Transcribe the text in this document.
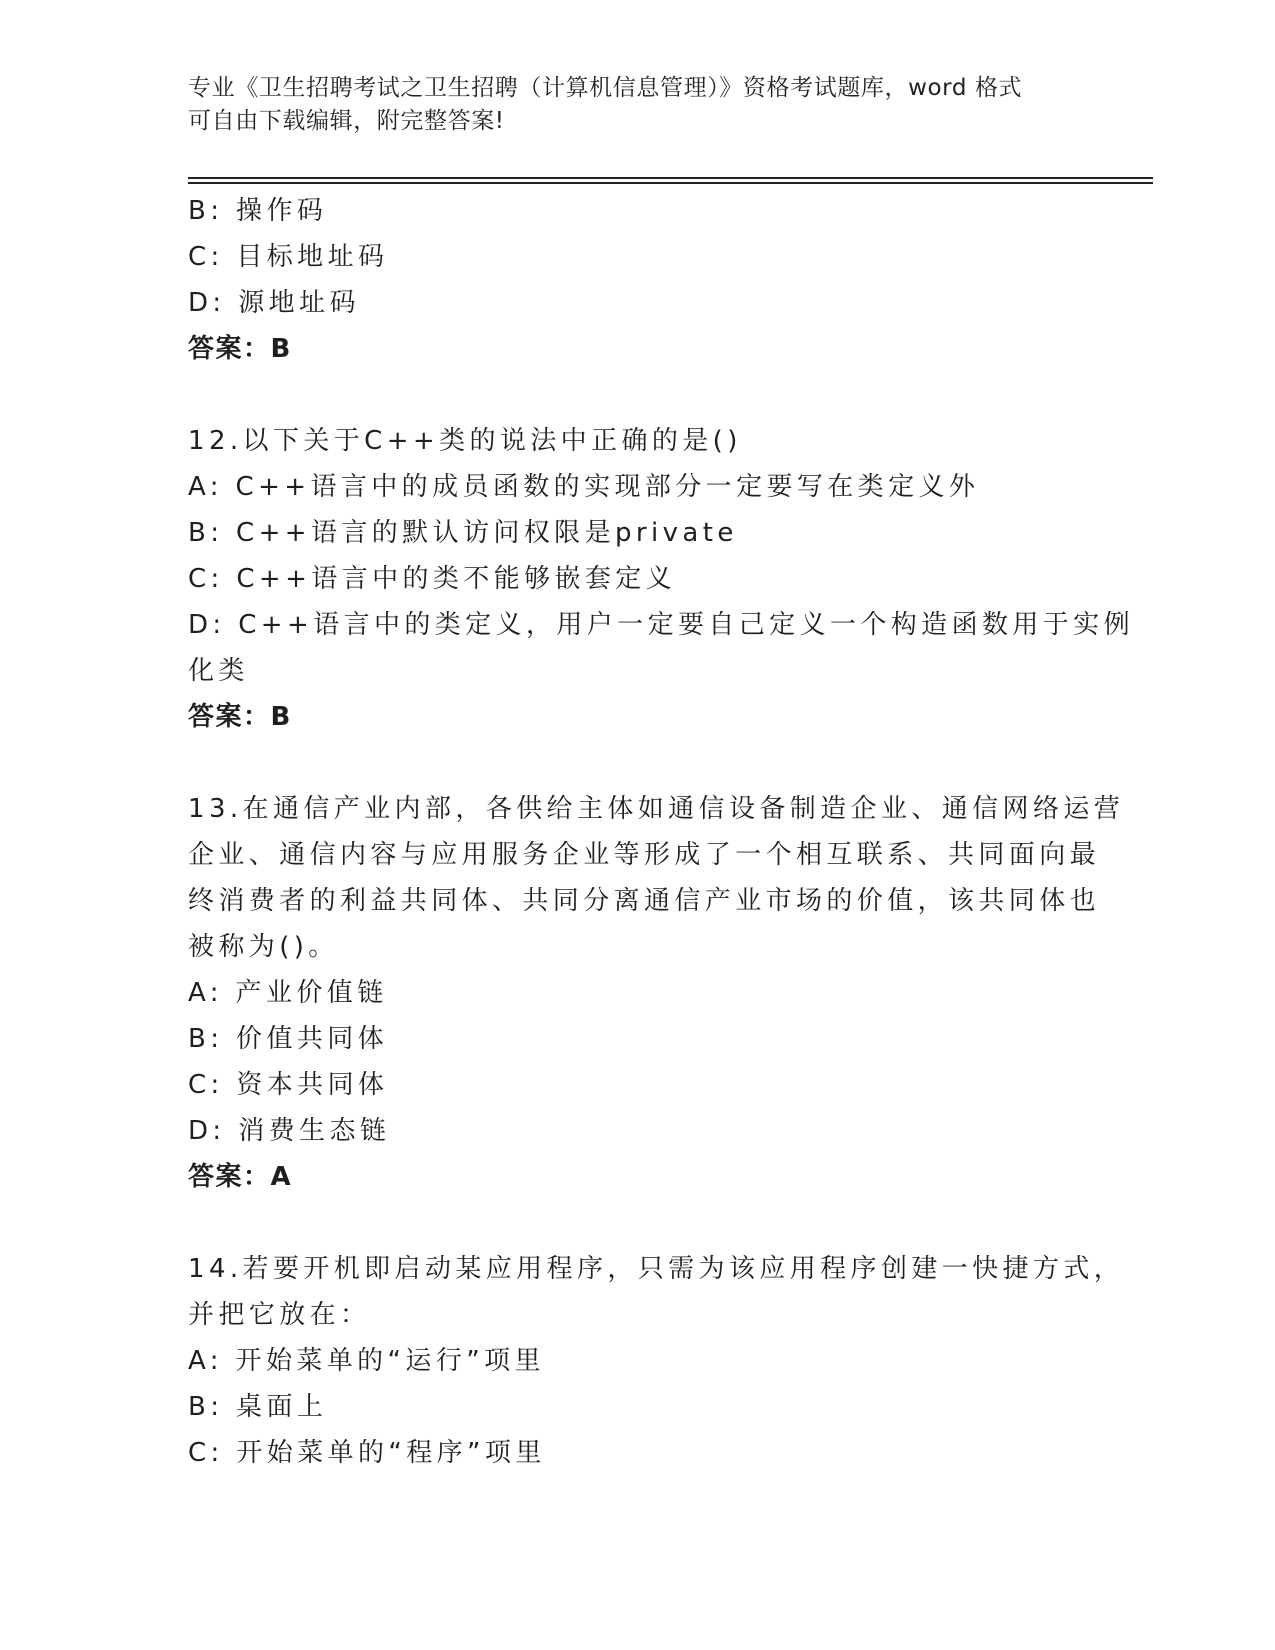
专业《卫生招聘考试之卫生招聘（计算机信息管理）》资格考试题库，word 格式
可自由下载编辑，附完整答案!
B: 操作码
C: 目标地址码
D: 源地址码
答案：B
12.以下关于C++类的说法中正确的是()
A: C++语言中的成员函数的实现部分一定要写在类定义外
B: C++语言的默认访问权限是private
C: C++语言中的类不能够嵌套定义
D: C++语言中的类定义，用户一定要自己定义一个构造函数用于实例
化类
答案：B
13.在通信产业内部，各供给主体如通信设备制造企业、通信网络运营
企业、通信内容与应用服务企业等形成了一个相互联系、共同面向最
终消费者的利益共同体、共同分离通信产业市场的价值，该共同体也
被称为()。
A: 产业价值链
B: 价值共同体
C: 资本共同体
D: 消费生态链
答案：A
14.若要开机即启动某应用程序，只需为该应用程序创建一快捷方式，
并把它放在：
A: 开始菜单的“运行”项里
B: 桌面上
C: 开始菜单的“程序”项里
